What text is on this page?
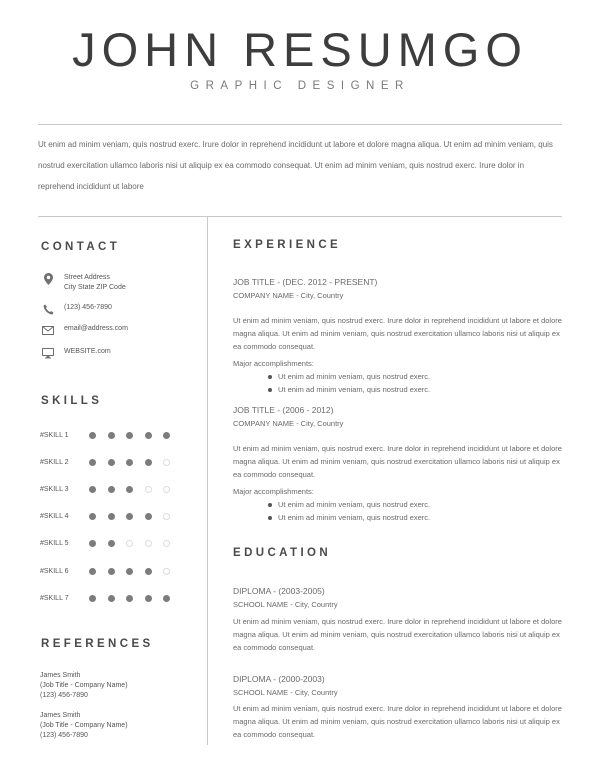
JOHN RESUMGO
GRAPHIC DESIGNER
Ut enim ad minim veniam, quis nostrud exerc. Irure dolor in reprehend incididunt ut labore et dolore magna aliqua. Ut enim ad minim veniam, quis nostrud exercitation ullamco laboris nisi ut aliquip ex ea commodo consequat. Ut enim ad minim veniam, quis nostrud exerc. Irure dolor in reprehend incididunt ut labore
CONTACT
Street Address
City State ZIP Code
(123) 456-7890
email@address.com
WEBSITE.com
SKILLS
#SKILL 1
#SKILL 2
#SKILL 3
#SKILL 4
#SKILL 5
#SKILL 6
#SKILL 7
REFERENCES
James Smith
(Job Title - Company Name)
(123) 456-7890
James Smith
(Job Title - Company Name)
(123) 456-7890
EXPERIENCE
JOB TITLE - (DEC. 2012 - PRESENT)
COMPANY NAME - City, Country
Ut enim ad minim veniam, quis nostrud exerc. Irure dolor in reprehend incididunt ut labore et dolore magna aliqua. Ut enim ad minim veniam, quis nostrud exercitation ullamco laboris nisi ut aliquip ex ea commodo consequat.
Major accomplishments:
Ut enim ad minim veniam, quis nostrud exerc.
Ut enim ad minim veniam, quis nostrud exerc.
JOB TITLE - (2006 - 2012)
COMPANY NAME - City, Country
Ut enim ad minim veniam, quis nostrud exerc. Irure dolor in reprehend incididunt ut labore et dolore magna aliqua. Ut enim ad minim veniam, quis nostrud exercitation ullamco laboris nisi ut aliquip ex ea commodo consequat.
Major accomplishments:
Ut enim ad minim veniam, quis nostrud exerc.
Ut enim ad minim veniam, quis nostrud exerc.
EDUCATION
DIPLOMA - (2003-2005)
SCHOOL NAME - City, Country
Ut enim ad minim veniam, quis nostrud exerc. Irure dolor in reprehend incididunt ut labore et dolore magna aliqua. Ut enim ad minim veniam, quis nostrud exercitation ullamco laboris nisi ut aliquip ex ea commodo consequat.
DIPLOMA - (2000-2003)
SCHOOL NAME - City, Country
Ut enim ad minim veniam, quis nostrud exerc. Irure dolor in reprehend incididunt ut labore et dolore magna aliqua. Ut enim ad minim veniam, quis nostrud exercitation ullamco laboris nisi ut aliquip ex ea commodo consequat.
